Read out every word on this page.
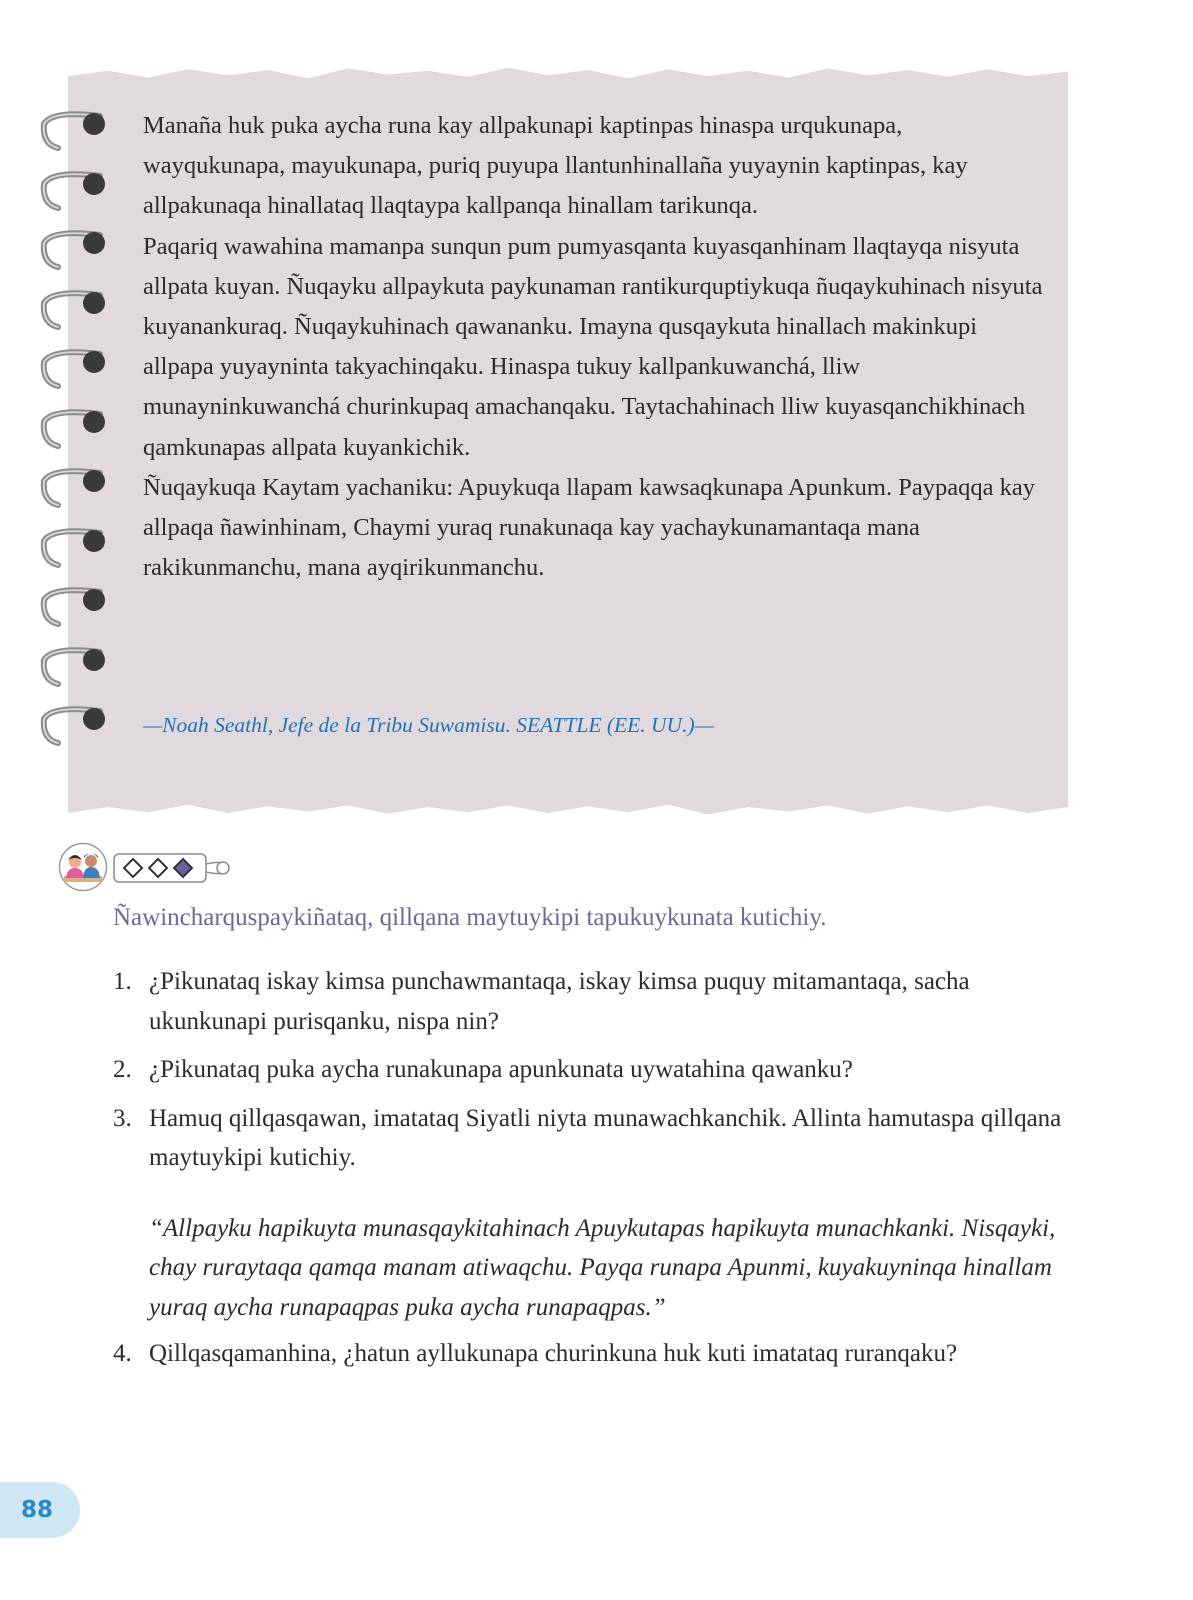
Manaña huk puka aycha runa kay allpakunapi kaptinpas hinaspa urqukunapa, wayqukunapa, mayukunapa, puriq puyupa llantunhinallaña yuyaynin kaptinpas, kay allpakunaqa hinallataq llaqtaypa kallpanqa hinallam tarikunqa.

Paqariq wawahina mamanpa sunqun pum pumyasqanta kuyasqanhinam llaqtayqa nisyuta allpata kuyan. Ñuqayku allpaykuta paykunaman rantikurquptiykuqa ñuqaykuhinach nisyuta kuyanankuraq. Ñuqaykuhinach qawananku. Imayna qusqaykuta hinallach makinkupi allpapa yuyayninta takyachinqaku. Hinaspa tukuy kallpankuwanchá, lliw munayninkuwanchá churinkupaq amachanqaku. Taytachahinach lliw kuyasqanchikhinach qamkunapas allpata kuyankichik.

Ñuqaykuqa Kaytam yachaniku: Apuykuqa llapam kawsaqkunapa Apunkum. Paypaqqa kay allpaqa ñawinhinam, Chaymi yuraq runakunaqa kay yachaykunamantaqa mana rakikunmanchu, mana ayqirikunmanchu.

—Noah Seathl, Jefe de la Tribu Suwamisu. SEATTLE (EE. UU.)—
Ñawincharquspaykiñataq, qillqana maytuykipi tapukuykunata kutichiy.
1. ¿Pikunataq iskay kimsa punchawmantaqa, iskay kimsa puquy mitamantaqa, sacha ukunkunapi purisqanku, nispa nin?
2. ¿Pikunataq puka aycha runakunapa apunkunata uywatahina qawanku?
3. Hamuq qillqasqawan, imatataq Siyatli niyta munawachkanchik. Allinta hamutaspa qillqana maytuykipi kutichiy.
“Allpayku hapikuyta munasqaykitahinach Apuykutapas hapikuyta munachkanki. Nisqayki, chay ruraytaqa qamqa manam atiwaqchu. Payqa runapa Apunmi, kuyakuyninqa hinallam yuraq aycha runapaqpas puka aycha runapaqpas.”
4. Qillqasqamanhina, ¿hatun ayllukunapa churinkuna huk kuti imatataq ruranqaku?
88
